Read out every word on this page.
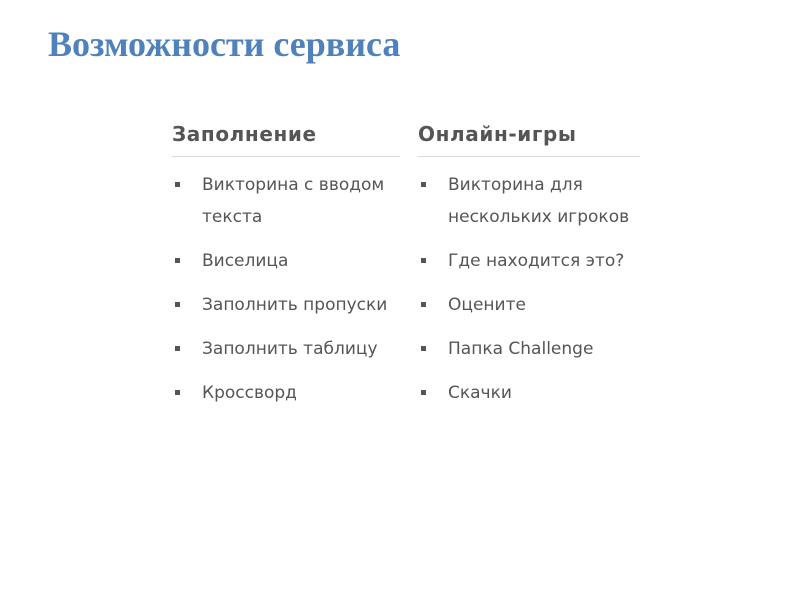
Возможности сервиса
Заполнение
Викторина с вводом текста
Виселица
Заполнить пропуски
Заполнить таблицу
Кроссворд
Онлайн-игры
Викторина для нескольких игроков
Где находится это?
Оцените
Папка Challenge
Скачки
